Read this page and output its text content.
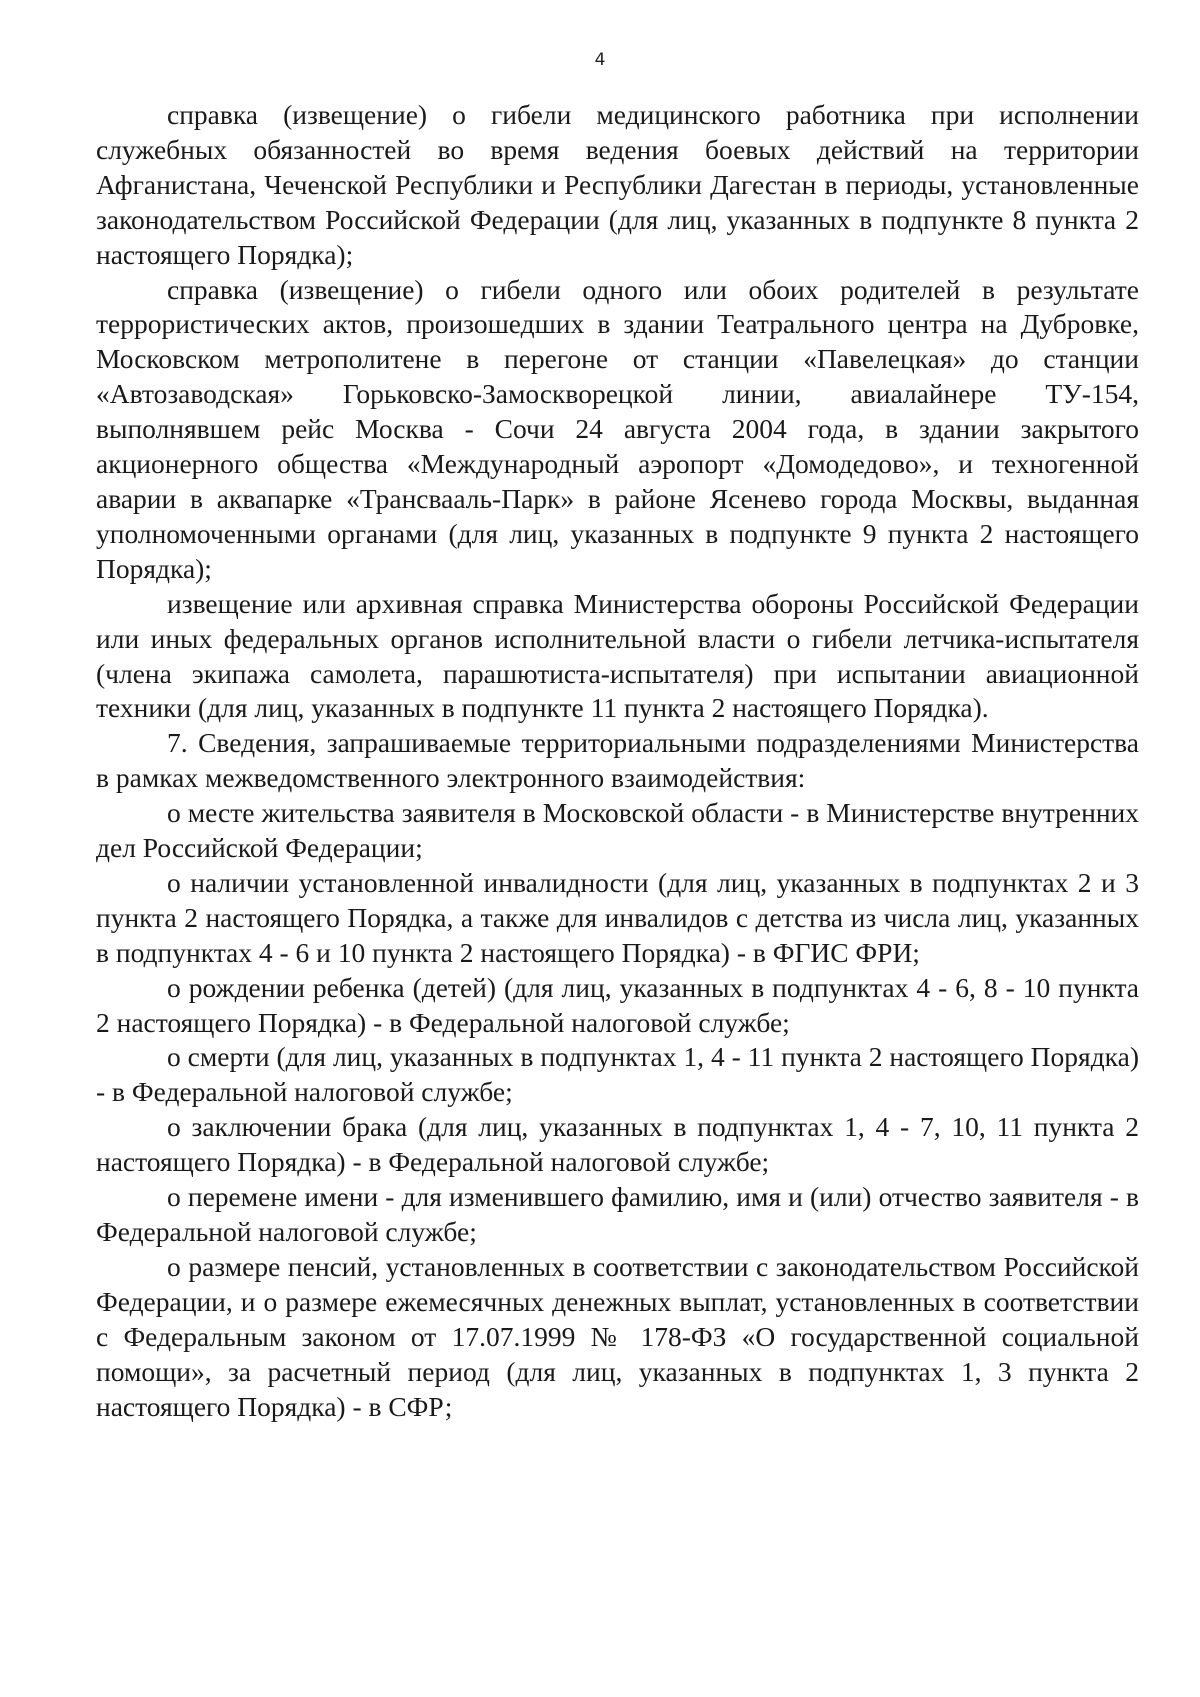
4

справка (извещение) о гибели медицинского работника при исполнении служебных обязанностей во время ведения боевых действий на территории Афганистана, Чеченской Республики и Республики Дагестан в периоды, установленные законодательством Российской Федерации (для лиц, указанных в подпункте 8 пункта 2 настоящего Порядка);

справка (извещение) о гибели одного или обоих родителей в результате террористических актов, произошедших в здании Театрального центра на Дубровке, Московском метрополитене в перегоне от станции «Павелецкая» до станции «Автозаводская» Горьковско-Замоскворецкой линии, авиалайнере ТУ-154, выполнявшем рейс Москва - Сочи 24 августа 2004 года, в здании закрытого акционерного общества «Международный аэропорт «Домодедово», и техногенной аварии в аквапарке «Трансвааль-Парк» в районе Ясенево города Москвы, выданная уполномоченными органами (для лиц, указанных в подпункте 9 пункта 2 настоящего Порядка);

извещение или архивная справка Министерства обороны Российской Федерации или иных федеральных органов исполнительной власти о гибели летчика-испытателя (члена экипажа самолета, парашютиста-испытателя) при испытании авиационной техники (для лиц, указанных в подпункте 11 пункта 2 настоящего Порядка).

7. Сведения, запрашиваемые территориальными подразделениями Министерства в рамках межведомственного электронного взаимодействия:

о месте жительства заявителя в Московской области - в Министерстве внутренних дел Российской Федерации;

о наличии установленной инвалидности (для лиц, указанных в подпунктах 2 и 3 пункта 2 настоящего Порядка, а также для инвалидов с детства из числа лиц, указанных в подпунктах 4 - 6 и 10 пункта 2 настоящего Порядка) - в ФГИС ФРИ;

о рождении ребенка (детей) (для лиц, указанных в подпунктах 4 - 6, 8 - 10 пункта 2 настоящего Порядка) - в Федеральной налоговой службе;

о смерти (для лиц, указанных в подпунктах 1, 4 - 11 пункта 2 настоящего Порядка) - в Федеральной налоговой службе;

о заключении брака (для лиц, указанных в подпунктах 1, 4 - 7, 10, 11 пункта 2 настоящего Порядка) - в Федеральной налоговой службе;

о перемене имени - для изменившего фамилию, имя и (или) отчество заявителя - в Федеральной налоговой службе;

о размере пенсий, установленных в соответствии с законодательством Российской Федерации, и о размере ежемесячных денежных выплат, установленных в соответствии с Федеральным законом от 17.07.1999 № 178-ФЗ «О государственной социальной помощи», за расчетный период (для лиц, указанных в подпунктах 1, 3 пункта 2 настоящего Порядка) - в СФР;
